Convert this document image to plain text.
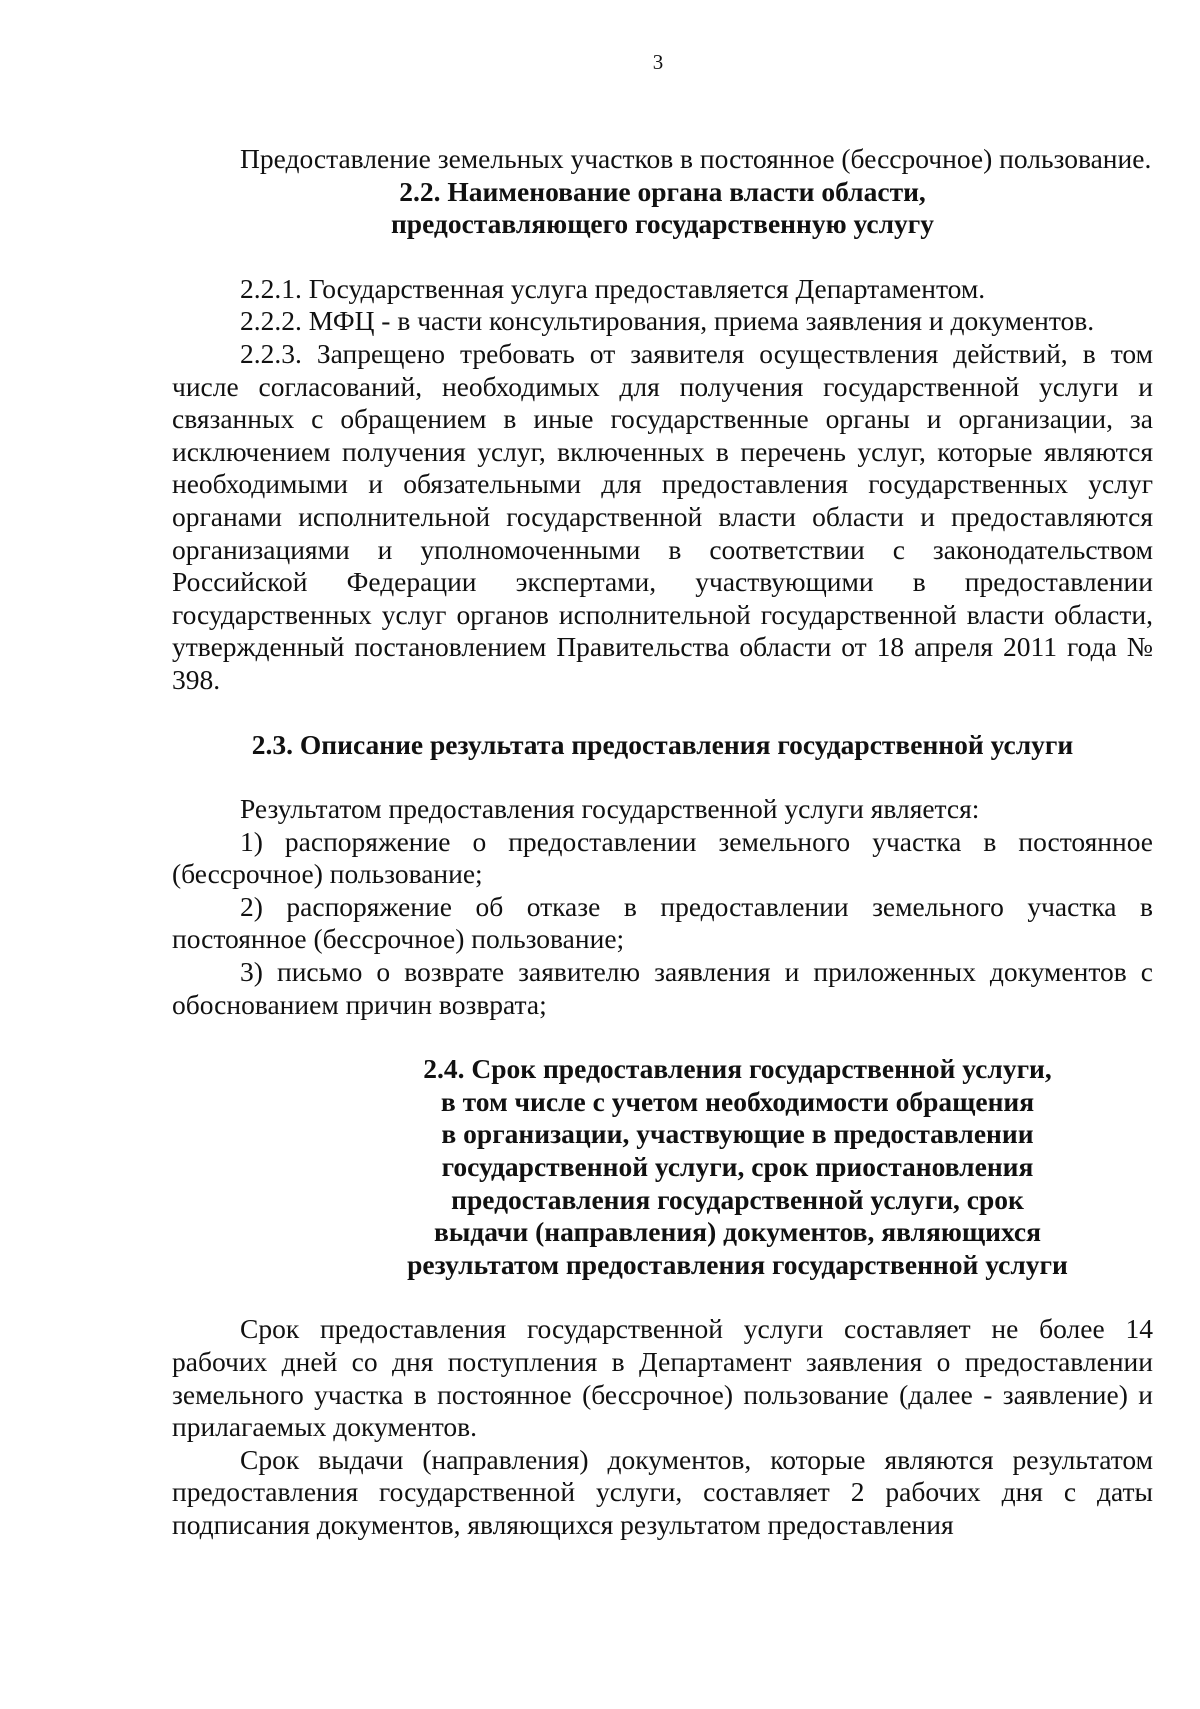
3

Предоставление земельных участков в постоянное (бессрочное) пользование.

2.2. Наименование органа власти области,
предоставляющего государственную услугу

2.2.1. Государственная услуга предоставляется Департаментом.

2.2.2. МФЦ - в части консультирования, приема заявления и документов.

2.2.3. Запрещено требовать от заявителя осуществления действий, в том числе согласований, необходимых для получения государственной услуги и связанных с обращением в иные государственные органы и организации, за исключением получения услуг, включенных в перечень услуг, которые являются необходимыми и обязательными для предоставления государственных услуг органами исполнительной государственной власти области и предоставляются организациями и уполномоченными в соответствии с законодательством Российской Федерации экспертами, участвующими в предоставлении государственных услуг органов исполнительной государственной власти области, утвержденный постановлением Правительства области от 18 апреля 2011 года № 398.

2.3. Описание результата предоставления государственной услуги

Результатом предоставления государственной услуги является:

1) распоряжение о предоставлении земельного участка в постоянное (бессрочное) пользование;

2) распоряжение об отказе в предоставлении земельного участка в постоянное (бессрочное) пользование;

3) письмо о возврате заявителю заявления и приложенных документов с обоснованием причин возврата;

2.4. Срок предоставления государственной услуги,
в том числе с учетом необходимости обращения
в организации, участвующие в предоставлении
государственной услуги, срок приостановления
предоставления государственной услуги, срок
выдачи (направления) документов, являющихся
результатом предоставления государственной услуги

Срок предоставления государственной услуги составляет не более 14 рабочих дней со дня поступления в Департамент заявления о предоставлении земельного участка в постоянное (бессрочное) пользование (далее - заявление) и прилагаемых документов.

Срок выдачи (направления) документов, которые являются результатом предоставления государственной услуги, составляет 2 рабочих дня с даты подписания документов, являющихся результатом предоставления
